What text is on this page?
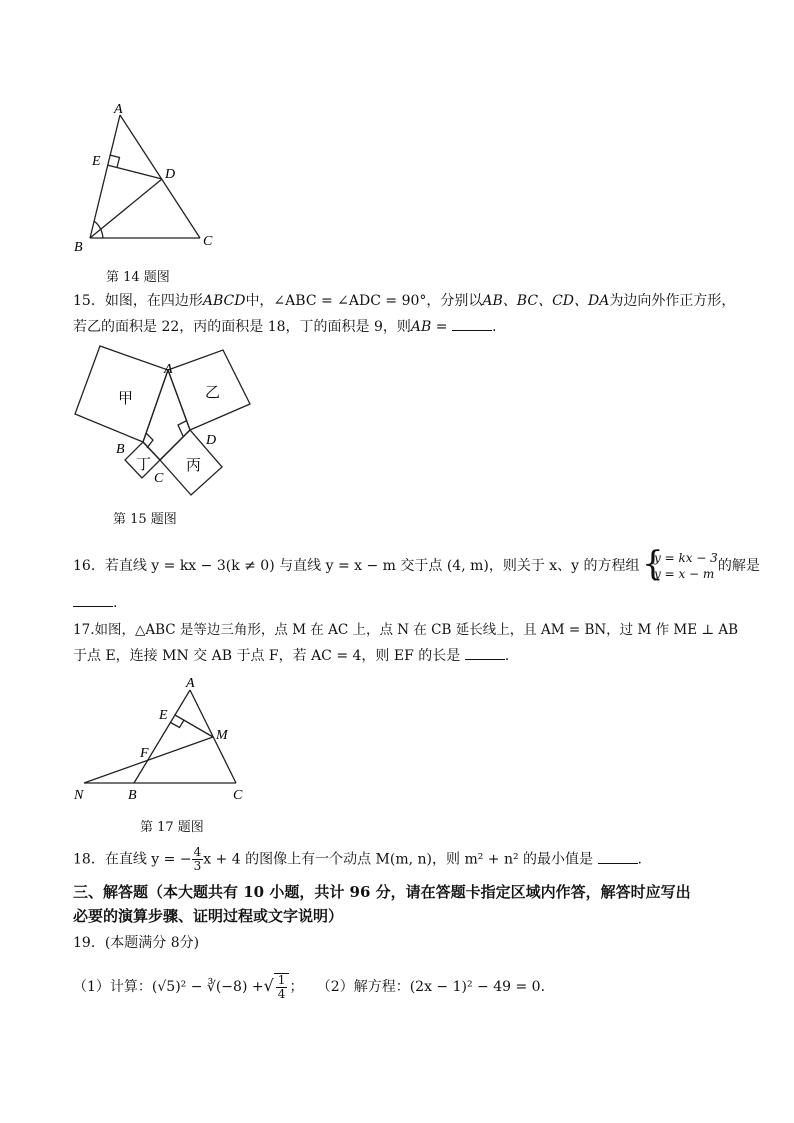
A
E
D
B	C
第 14 题图
15．如图，在四边形ABCD中，∠ABC = ∠ADC = 90°，分别以AB、BC、CD、DA为边向外作正方形，
若乙的面积是 22，丙的面积是 18，丁的面积是 9，则AB =	.
甲	乙
丙
丁
A
B
C
D
第 15 题图
16．若直线 y = kx − 3(k ≠ 0) 与直线 y = x − m 交于点 (4, m)，则关于 x、y 的方程组
{ y = kx − 3
y = x − m 的解是
.
17.如图，△ABC 是等边三角形，点 M 在 AC 上，点 N 在 CB 延长线上，且 AM = BN，过 M 作 ME ⊥ AB
于点 E，连接 MN 交 AB 于点 F，若 AC = 4，则 EF 的长是	.
A
E
M
F
N	B	C
第 17 题图
18．在直线 y = − $\frac{4}{3}$ x + 4 的图像上有一个动点 M(m, n)，则 m² + n² 的最小值是	.
三、解答题（本大题共有 10 小题，共计 96 分，请在答题卡指定区域内作答，解答时应写出
必要的演算步骤、证明过程或文字说明）
19．(本题满分 8分)
（1）计算：(√5)² − ∛(−8) +√ $\frac{1}{4}$ ； （2）解方程：(2x − 1)² − 49 = 0．
